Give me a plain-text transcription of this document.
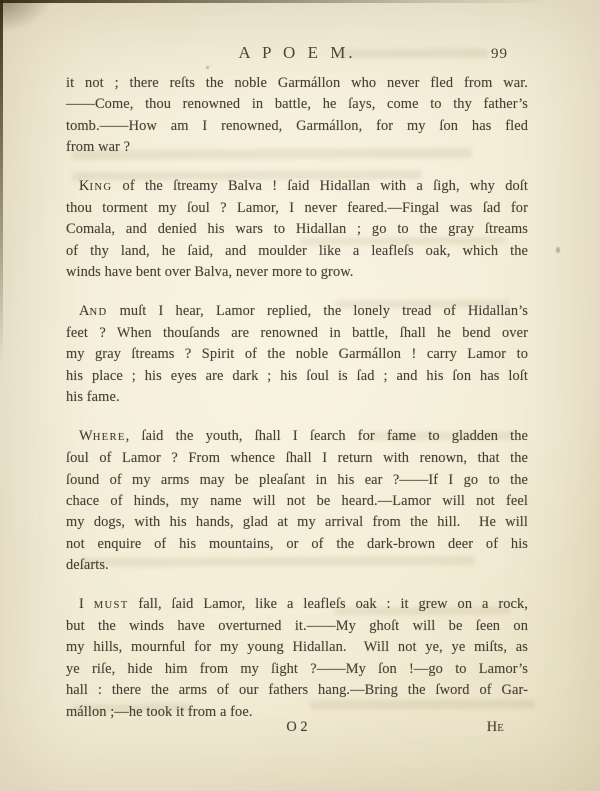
A P O E M.	99
it not ; there reſts the noble Garmállon who never fled from war.
——Come, thou renowned in battle, he ſays, come to thy father’s
tomb.——How am I renowned, Garmállon, for my ſon has fled
from war ?
KING of the ſtreamy Balva ! ſaid Hidallan with a ſigh, why doſt
thou torment my ſoul ? Lamor, I never feared.—Fingal was ſad for
Comala, and denied his wars to Hidallan ; go to the gray ſtreams
of thy land, he ſaid, and moulder like a leafleſs oak, which the
winds have bent over Balva, never more to grow.
AND muſt I hear, Lamor replied, the lonely tread of Hidallan’s
feet ? When thouſands are renowned in battle, ſhall he bend over
my gray ſtreams ? Spirit of the noble Garmállon ! carry Lamor to
his place ; his eyes are dark ; his ſoul is ſad ; and his ſon has loſt
his fame.
WHERE, ſaid the youth, ſhall I ſearch for fame to gladden the
ſoul of Lamor ? From whence ſhall I return with renown, that the
ſound of my arms may be pleaſant in his ear ?——If I go to the
chace of hinds, my name will not be heard.—Lamor will not feel
my dogs, with his hands, glad at my arrival from the hill.  He will
not enquire of his mountains, or of the dark-brown deer of his
deſarts.
I MUST fall, ſaid Lamor, like a leafleſs oak : it grew on a rock,
but the winds have overturned it.——My ghoſt will be ſeen on
my hills, mournful for my young Hidallan.  Will not ye, ye miſts, as
ye riſe, hide him from my ſight ?——My ſon !—go to Lamor’s
hall : there the arms of our fathers hang.—Bring the ſword of Gar-
mállon ;—he took it from a foe.
O 2	HE
